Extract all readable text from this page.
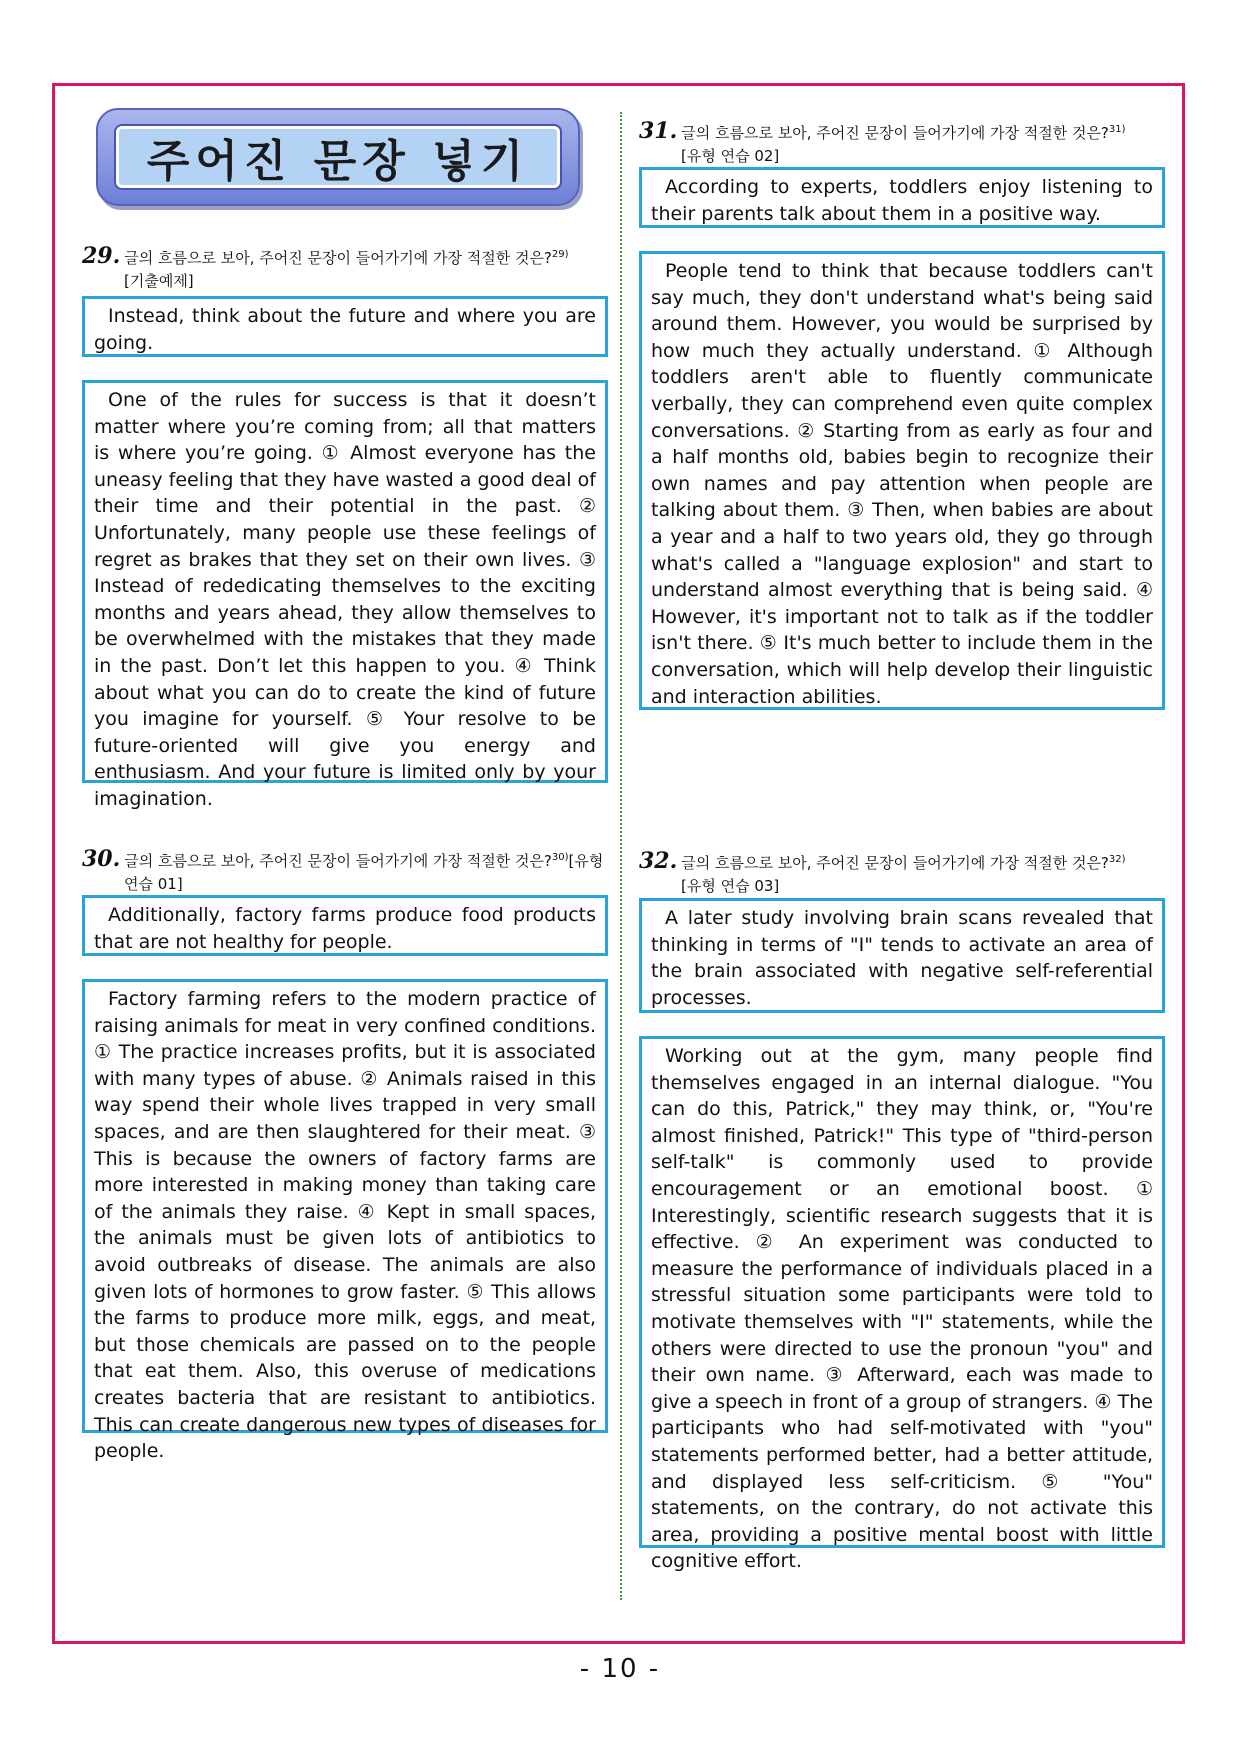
주어진 문장 넣기
29. 글의 흐름으로 보아, 주어진 문장이 들어가기에 가장 적절한 것은?$^{29)}$
[기출예제]
Instead, think about the future and where you are going.
One of the rules for success is that it doesn’t matter where you’re coming from; all that matters is where you’re going. ① Almost everyone has the uneasy feeling that they have wasted a good deal of their time and their potential in the past. ② Unfortunately, many people use these feelings of regret as brakes that they set on their own lives. ③ Instead of rededicating themselves to the exciting months and years ahead, they allow themselves to be overwhelmed with the mistakes that they made in the past. Don’t let this happen to you. ④ Think about what you can do to create the kind of future you imagine for yourself. ⑤ Your resolve to be future-oriented will give you energy and enthusiasm. And your future is limited only by your imagination.
30. 글의 흐름으로 보아, 주어진 문장이 들어가기에 가장 적절한 것은?$^{30)}$[유형 연습 01]
Additionally, factory farms produce food products that are not healthy for people.
Factory farming refers to the modern practice of raising animals for meat in very confined conditions. ① The practice increases profits, but it is associated with many types of abuse. ② Animals raised in this way spend their whole lives trapped in very small spaces, and are then slaughtered for their meat. ③ This is because the owners of factory farms are more interested in making money than taking care of the animals they raise. ④ Kept in small spaces, the animals must be given lots of antibiotics to avoid outbreaks of disease. The animals are also given lots of hormones to grow faster. ⑤ This allows the farms to produce more milk, eggs, and meat, but those chemicals are passed on to the people that eat them. Also, this overuse of medications creates bacteria that are resistant to antibiotics. This can create dangerous new types of diseases for people.
31. 글의 흐름으로 보아, 주어진 문장이 들어가기에 가장 적절한 것은?$^{31)}$
[유형 연습 02]
According to experts, toddlers enjoy listening to their parents talk about them in a positive way.
People tend to think that because toddlers can't say much, they don't understand what's being said around them. However, you would be surprised by how much they actually understand. ① Although toddlers aren't able to fluently communicate verbally, they can comprehend even quite complex conversations. ② Starting from as early as four and a half months old, babies begin to recognize their own names and pay attention when people are talking about them. ③ Then, when babies are about a year and a half to two years old, they go through what's called a "language explosion" and start to understand almost everything that is being said. ④ However, it's important not to talk as if the toddler isn't there. ⑤ It's much better to include them in the conversation, which will help develop their linguistic and interaction abilities.
32. 글의 흐름으로 보아, 주어진 문장이 들어가기에 가장 적절한 것은?$^{32)}$
[유형 연습 03]
A later study involving brain scans revealed that thinking in terms of "I" tends to activate an area of the brain associated with negative self-referential processes.
Working out at the gym, many people find themselves engaged in an internal dialogue. "You can do this, Patrick," they may think, or, "You're almost finished, Patrick!" This type of "third-person self-talk" is commonly used to provide encouragement or an emotional boost. ① Interestingly, scientific research suggests that it is effective. ② An experiment was conducted to measure the performance of individuals placed in a stressful situation some participants were told to motivate themselves with "I" statements, while the others were directed to use the pronoun "you" and their own name. ③ Afterward, each was made to give a speech in front of a group of strangers. ④ The participants who had self-motivated with "you" statements performed better, had a better attitude, and displayed less self-criticism. ⑤ "You" statements, on the contrary, do not activate this area, providing a positive mental boost with little cognitive effort.
- 10 -
